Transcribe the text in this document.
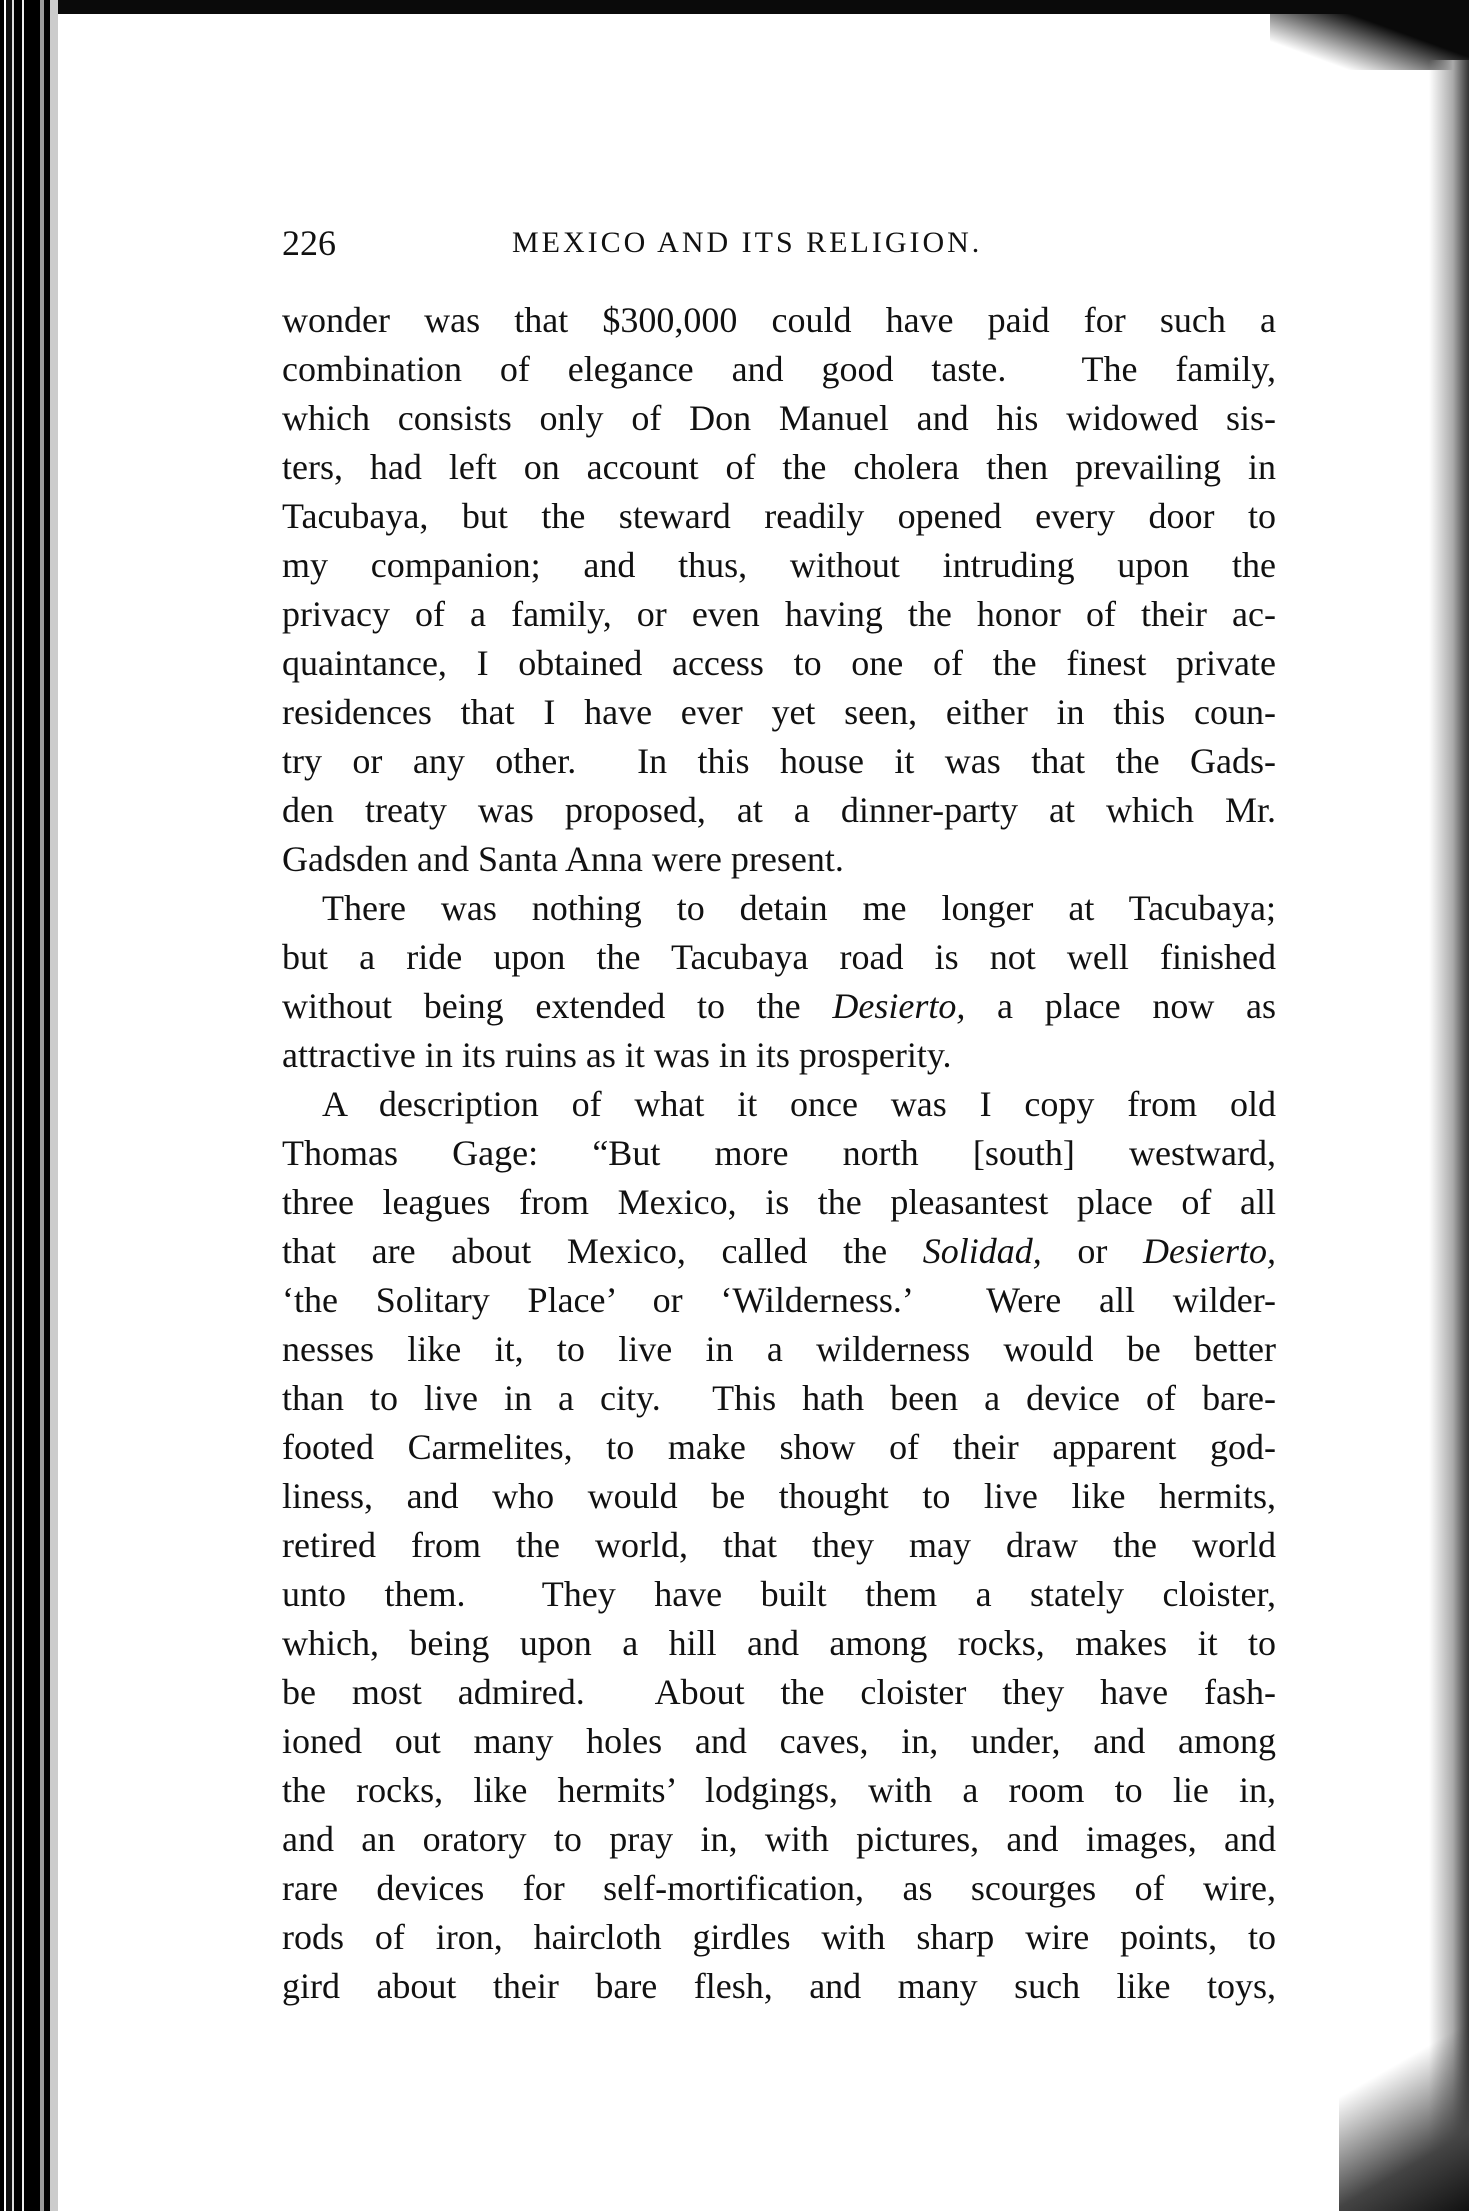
226	MEXICO AND ITS RELIGION.
wonder was that $300,000 could have paid for such a
combination of elegance and good taste.  The family,
which consists only of Don Manuel and his widowed sis-
ters, had left on account of the cholera then prevailing in
Tacubaya, but the steward readily opened every door to
my companion; and thus, without intruding upon the
privacy of a family, or even having the honor of their ac-
quaintance, I obtained access to one of the finest private
residences that I have ever yet seen, either in this coun-
try or any other.  In this house it was that the Gads-
den treaty was proposed, at a dinner-party at which Mr.
Gadsden and Santa Anna were present.
There was nothing to detain me longer at Tacubaya;
but a ride upon the Tacubaya road is not well finished
without being extended to the Desierto, a place now as
attractive in its ruins as it was in its prosperity.
A description of what it once was I copy from old
Thomas Gage: “But more north [south] westward,
three leagues from Mexico, is the pleasantest place of all
that are about Mexico, called the Solidad, or Desierto,
‘the Solitary Place’ or ‘Wilderness.’  Were all wilder-
nesses like it, to live in a wilderness would be better
than to live in a city.  This hath been a device of bare-
footed Carmelites, to make show of their apparent god-
liness, and who would be thought to live like hermits,
retired from the world, that they may draw the world
unto them.  They have built them a stately cloister,
which, being upon a hill and among rocks, makes it to
be most admired.  About the cloister they have fash-
ioned out many holes and caves, in, under, and among
the rocks, like hermits’ lodgings, with a room to lie in,
and an oratory to pray in, with pictures, and images, and
rare devices for self-mortification, as scourges of wire,
rods of iron, haircloth girdles with sharp wire points, to
gird about their bare flesh, and many such like toys,
